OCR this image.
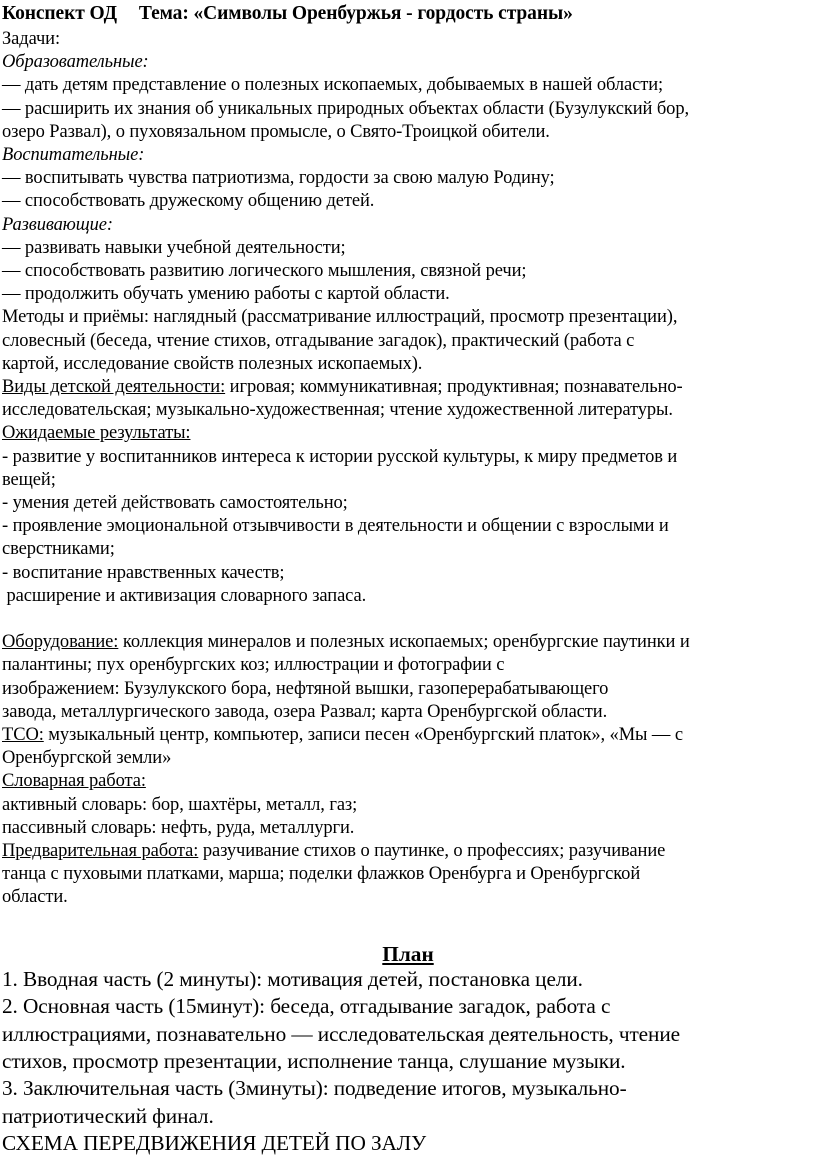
Конспект ОД Тема: «Символы Оренбуржья - гордость страны»
Задачи:
Образовательные:
— дать детям представление о полезных ископаемых, добываемых в нашей области;
— расширить их знания об уникальных природных объектах области (Бузулукский бор,
озеро Развал), о пуховязальном промысле, о Свято-Троицкой обители.
Воспитательные:
— воспитывать чувства патриотизма, гордости за свою малую Родину;
— способствовать дружескому общению детей.
Развивающие:
— развивать навыки учебной деятельности;
— способствовать развитию логического мышления, связной речи;
— продолжить обучать умению работы с картой области.
Методы и приёмы: наглядный (рассматривание иллюстраций, просмотр презентации),
словесный (беседа, чтение стихов, отгадывание загадок), практический (работа с
картой, исследование свойств полезных ископаемых).
Виды детской деятельности: игровая; коммуникативная; продуктивная; познавательно-
исследовательская; музыкально-художественная; чтение художественной литературы.
Ожидаемые результаты:
- развитие у воспитанников интереса к истории русской культуры, к миру предметов и
вещей;
- умения детей действовать самостоятельно;
- проявление эмоциональной отзывчивости в деятельности и общении с взрослыми и
сверстниками;
- воспитание нравственных качеств;
расширение и активизация словарного запаса.
Оборудование: коллекция минералов и полезных ископаемых; оренбургские паутинки и
палантины; пух оренбургских коз; иллюстрации и фотографии с
изображением: Бузулукского бора, нефтяной вышки, газоперерабатывающего
завода, металлургического завода, озера Развал; карта Оренбургской области.
ТСО: музыкальный центр, компьютер, записи песен «Оренбургский платок», «Мы — с
Оренбургской земли»
Словарная работа:
активный словарь: бор, шахтёры, металл, газ;
пассивный словарь: нефть, руда, металлурги.
Предварительная работа: разучивание стихов о паутинке, о профессиях; разучивание
танца с пуховыми платками, марша; поделки флажков Оренбурга и Оренбургской
области.
План
1. Вводная часть (2 минуты): мотивация детей, постановка цели.
2. Основная часть (15минут): беседа, отгадывание загадок, работа с
иллюстрациями, познавательно — исследовательская деятельность, чтение
стихов, просмотр презентации, исполнение танца, слушание музыки.
3. Заключительная часть (3минуты): подведение итогов, музыкально-
патриотический финал.
СХЕМА ПЕРЕДВИЖЕНИЯ ДЕТЕЙ ПО ЗАЛУ
